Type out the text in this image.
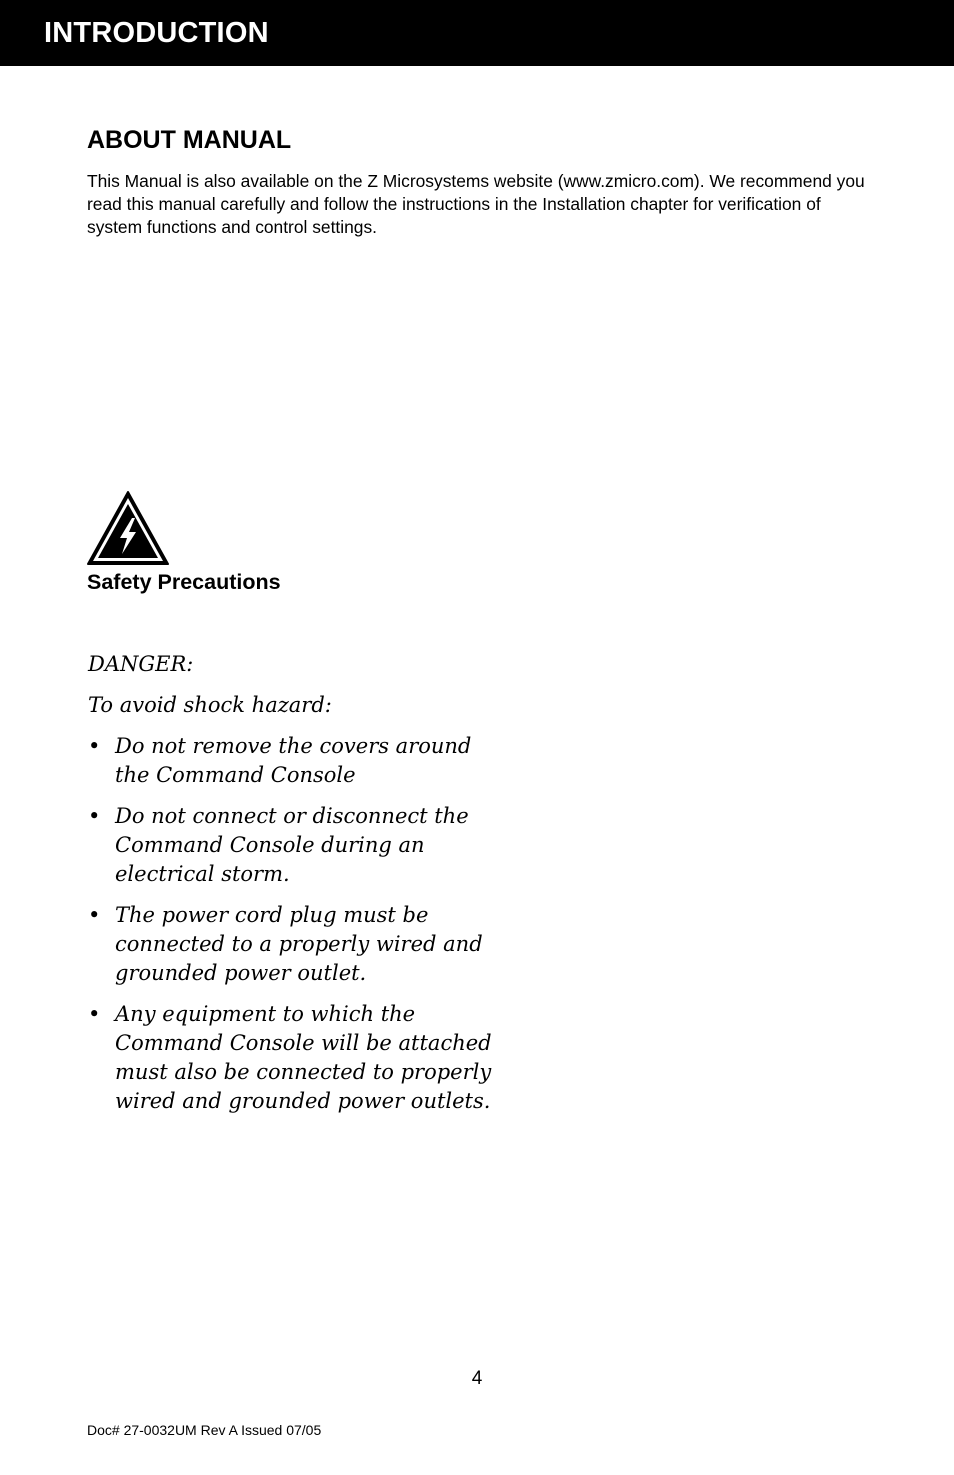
INTRODUCTION
ABOUT MANUAL

This Manual is also available on the Z Microsystems website (www.zmicro.com). We recommend you read this manual carefully and follow the instructions in the Installation chapter for verification of system functions and control settings.

Safety Precautions

DANGER:

To avoid shock hazard:

• Do not remove the covers around the Command Console
• Do not connect or disconnect the Command Console during an electrical storm.
• The power cord plug must be connected to a properly wired and grounded power outlet.
• Any equipment to which the Command Console will be attached must also be connected to properly wired and grounded power outlets.
4
Doc# 27-0032UM Rev A Issued 07/05
